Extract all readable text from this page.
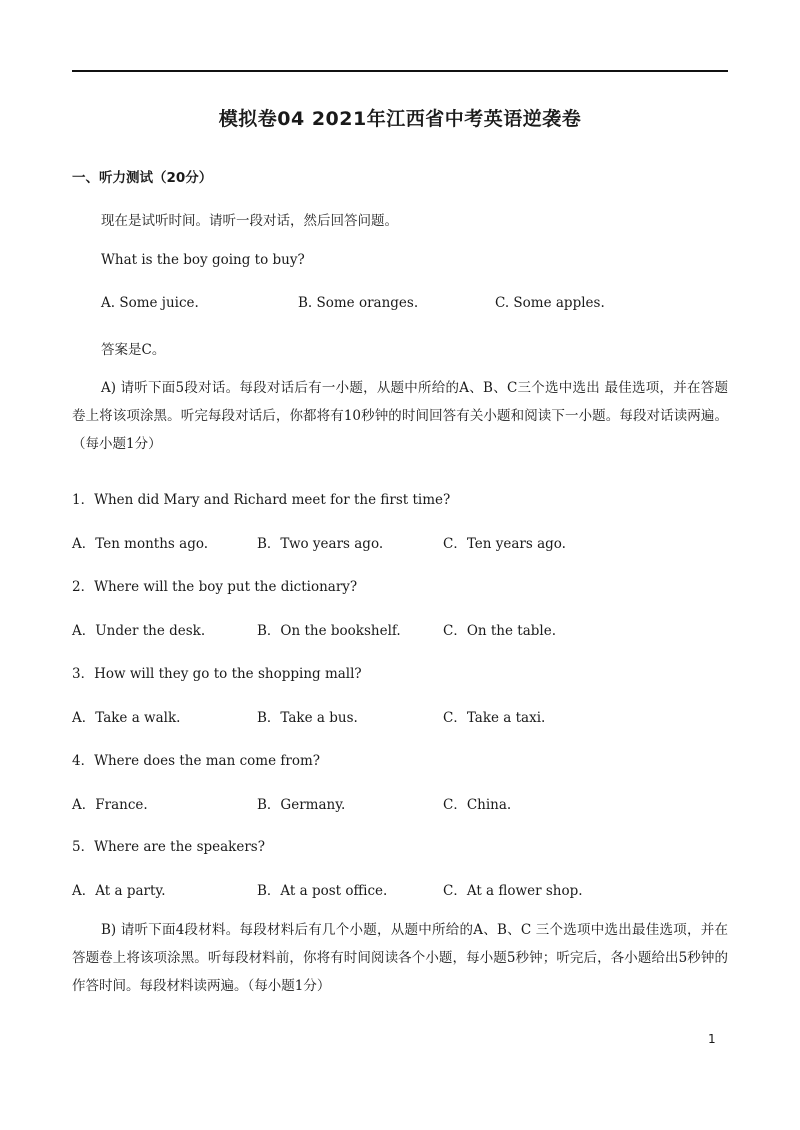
模拟卷04 2021年江西省中考英语逆袭卷
一、听力测试（20分）
现在是试听时间。请听一段对话，然后回答问题。
What is the boy going to buy?
A. Some juice.	B. Some oranges.	C. Some apples.
答案是C。
A) 请听下面5段对话。每段对话后有一小题，从题中所给的A、B、C三个选中选出 最佳选项，并在答题卷上将该项涂黑。听完每段对话后，你都将有10秒钟的时间回答有关小题和阅读下一小题。每段对话读两遍。（每小题1分）
1．When did Mary and Richard meet for the first time?
A．Ten months ago.	B．Two years ago.	C．Ten years ago.
2．Where will the boy put the dictionary?
A．Under the desk.	B．On the bookshelf.	C．On the table.
3．How will they go to the shopping mall?
A．Take a walk.	B．Take a bus.	C．Take a taxi.
4．Where does the man come from?
A．France.	B．Germany.	C．China.
5．Where are the speakers?
A．At a party.	B．At a post office.	C．At a flower shop.
B) 请听下面4段材料。每段材料后有几个小题，从题中所给的A、B、C 三个选项中选出最佳选项，并在答题卷上将该项涂黑。听每段材料前，你将有时间阅读各个小题，每小题5秒钟；听完后，各小题给出5秒钟的作答时间。每段材料读两遍。（每小题1分）
1
